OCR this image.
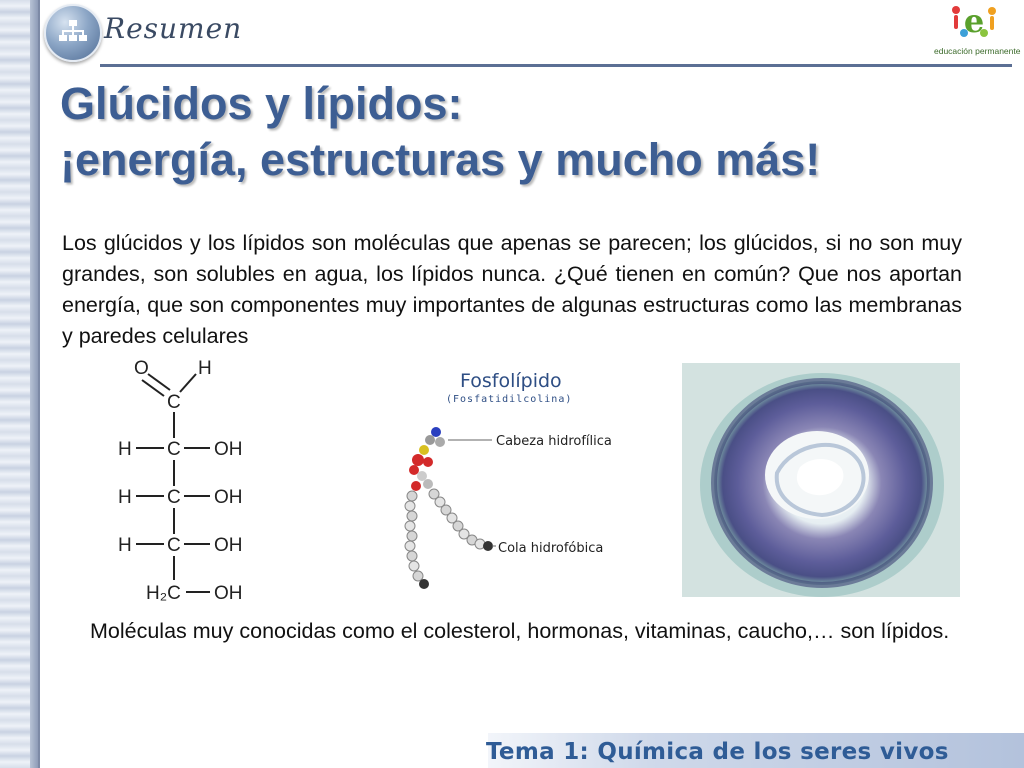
Resumen	e
educación permanente
Glúcidos y lípidos:
¡energía, estructuras y mucho más!

Los glúcidos y los lípidos son moléculas que apenas se parecen; los glúcidos, si no son muy grandes, son solubles en agua, los lípidos nunca. ¿Qué tienen en común? Que nos aportan energía, que son componentes muy importantes de algunas estructuras como las membranas y paredes celulares

O	H
C
H C OH
H C OH
H C OH
H₂C OH
Fosfolípido
(Fosfatidilcolina)
Cabeza hidrofílica
Cola hidrofóbica

Moléculas muy conocidas como el colesterol, hormonas, vitaminas, caucho,… son lípidos.

Tema 1: Química de los seres vivos
